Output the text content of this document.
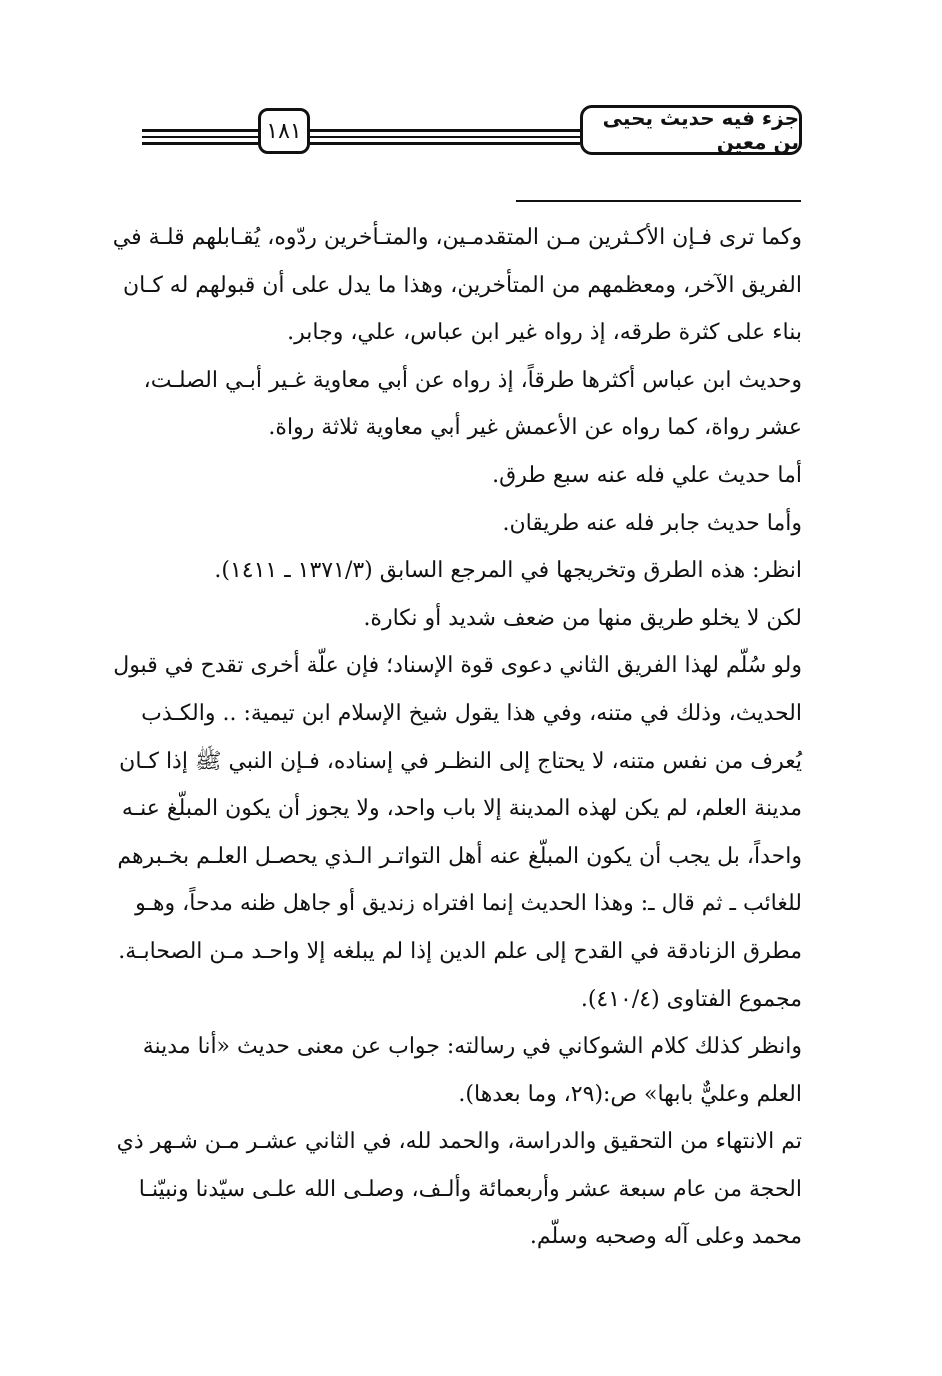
١٨١
جزء فيه حديث يحيى بن معين
وكما ترى فـإن الأكـثرين مـن المتقدمـين، والمتـأخرين ردّوه، يُقـابلهم قلـة في
الفريق الآخر، ومعظمهم من المتأخرين، وهذا ما يدل على أن قبولهم له كـان
بناء على كثرة طرقه، إذ رواه غير ابن عباس، علي، وجابر.
وحديث ابن عباس أكثرها طرقاً، إذ رواه عن أبي معاوية غـير أبـي الصلـت،
عشر رواة، كما رواه عن الأعمش غير أبي معاوية ثلاثة رواة.
أما حديث علي فله عنه سبع طرق.
وأما حديث جابر فله عنه طريقان.
انظر: هذه الطرق وتخريجها في المرجع السابق (١٣٧١/٣ ـ ١٤١١).
لكن لا يخلو طريق منها من ضعف شديد أو نكارة.
ولو سُلّم لهذا الفريق الثاني دعوى قوة الإسناد؛ فإن علّة أخرى تقدح في قبول
الحديث، وذلك في متنه، وفي هذا يقول شيخ الإسلام ابن تيمية: .. والكـذب
يُعرف من نفس متنه، لا يحتاج إلى النظـر في إسناده، فـإن النبي ﷺ إذا كـان
مدينة العلم، لم يكن لهذه المدينة إلا باب واحد، ولا يجوز أن يكون المبلّغ عنـه
واحداً، بل يجب أن يكون المبلّغ عنه أهل التواتـر الـذي يحصـل العلـم بخـبرهم
للغائب ـ ثم قال ـ: وهذا الحديث إنما افتراه زنديق أو جاهل ظنه مدحاً، وهـو
مطرق الزنادقة في القدح إلى علم الدين إذا لم يبلغه إلا واحـد مـن الصحابـة.
مجموع الفتاوى (٤١٠/٤).
وانظر كذلك كلام الشوكاني في رسالته: جواب عن معنى حديث «أنا مدينة
العلم وعليٌّ بابها» ص:(٢٩، وما بعدها).
تم الانتهاء من التحقيق والدراسة، والحمد لله، في الثاني عشـر مـن شـهر ذي
الحجة من عام سبعة عشر وأربعمائة وألـف، وصلـى الله علـى سيّدنا ونبيّنـا
محمد وعلى آله وصحبه وسلّم.
